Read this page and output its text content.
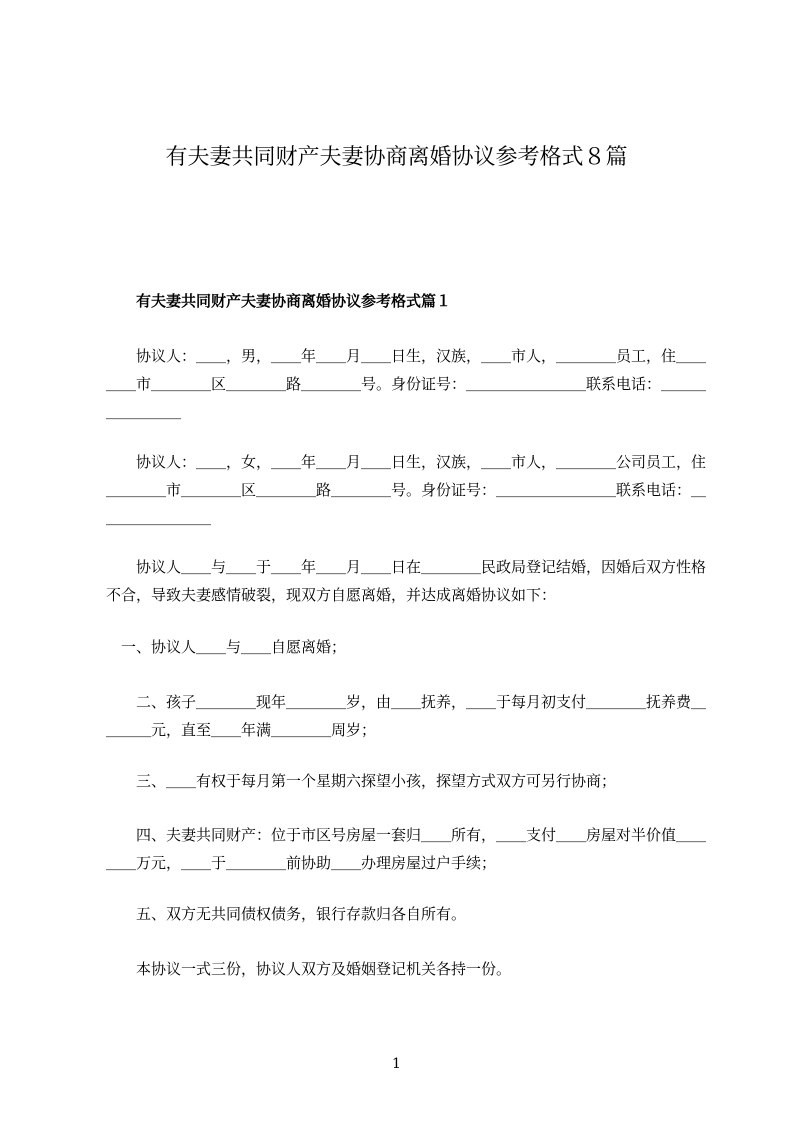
有夫妻共同财产夫妻协商离婚协议参考格式８篇
有夫妻共同财产夫妻协商离婚协议参考格式篇１

　　协议人：＿＿，男，＿＿年＿＿月＿＿日生，汉族，＿＿市人，＿＿＿＿员工，住＿＿＿＿市＿＿＿＿区＿＿＿＿路＿＿＿＿号。身份证号：＿＿＿＿＿＿＿＿联系电话：＿＿＿＿＿＿＿＿

　　协议人：＿＿，女，＿＿年＿＿月＿＿日生，汉族，＿＿市人，＿＿＿＿公司员工，住＿＿＿＿市＿＿＿＿区＿＿＿＿路＿＿＿＿号。身份证号：＿＿＿＿＿＿＿＿联系电话：＿＿＿＿＿＿＿＿

　　协议人＿＿与＿＿于＿＿年＿＿月＿＿日在＿＿＿＿民政局登记结婚，因婚后双方性格不合，导致夫妻感情破裂，现双方自愿离婚，并达成离婚协议如下：

　一、协议人＿＿与＿＿自愿离婚；

　　二、孩子＿＿＿＿现年＿＿＿＿岁，由＿＿抚养，＿＿于每月初支付＿＿＿＿抚养费＿＿＿＿元，直至＿＿年满＿＿＿＿周岁；

　　三、＿＿有权于每月第一个星期六探望小孩，探望方式双方可另行协商；

　　四、夫妻共同财产：位于市区号房屋一套归＿＿所有，＿＿支付＿＿房屋对半价值＿＿＿＿万元，＿＿于＿＿＿＿前协助＿＿办理房屋过户手续；

　　五、双方无共同债权债务，银行存款归各自所有。

　　本协议一式三份，协议人双方及婚姻登记机关各持一份。

1
